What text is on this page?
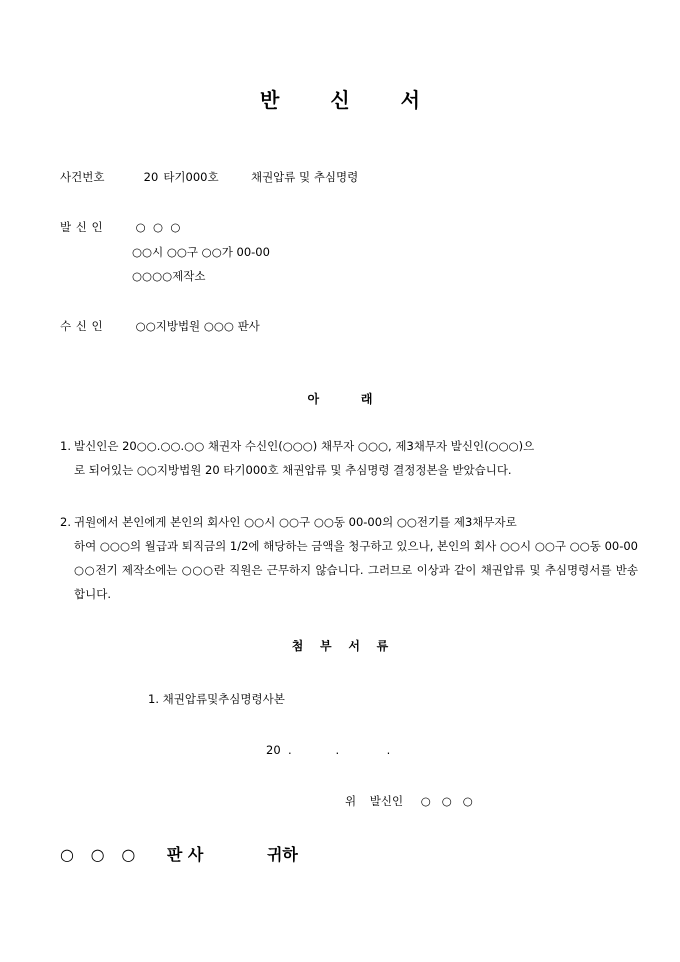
반 신 서
사건번호	20 타기000호	채권압류 및 추심명령
발 신 인	○  ○  ○
○○시 ○○구 ○○가 00-00
○○○○제작소
수 신 인	○○지방법원 ○○○ 판사
아          래
1. 발신인은 20○○.○○.○○ 채권자 수신인(○○○) 채무자 ○○○, 제3채무자 발신인(○○○)으
로 되어있는 ○○지방법원 20 타기000호 채권압류 및 추심명령 결정정본을 받았습니다.
2. 귀원에서 본인에게 본인의 회사인 ○○시 ○○구 ○○동 00-00의 ○○전기를 제3채무자로
하여 ○○○의 월급과 퇴직금의 1/2에 해당하는 금액을 청구하고 있으나, 본인의 회사 ○○시 ○○구 ○○동 00-00 ○○전기 제작소에는 ○○○란 직원은 근무하지 않습니다. 그러므로 이상과 같이 채권압류 및 추심명령서를 반송합니다.
첨    부    서    류
1. 채권압류및추심명령사본
20  .            .             .
위 발신인 ○   ○   ○
○   ○   ○ 판 사	귀하
